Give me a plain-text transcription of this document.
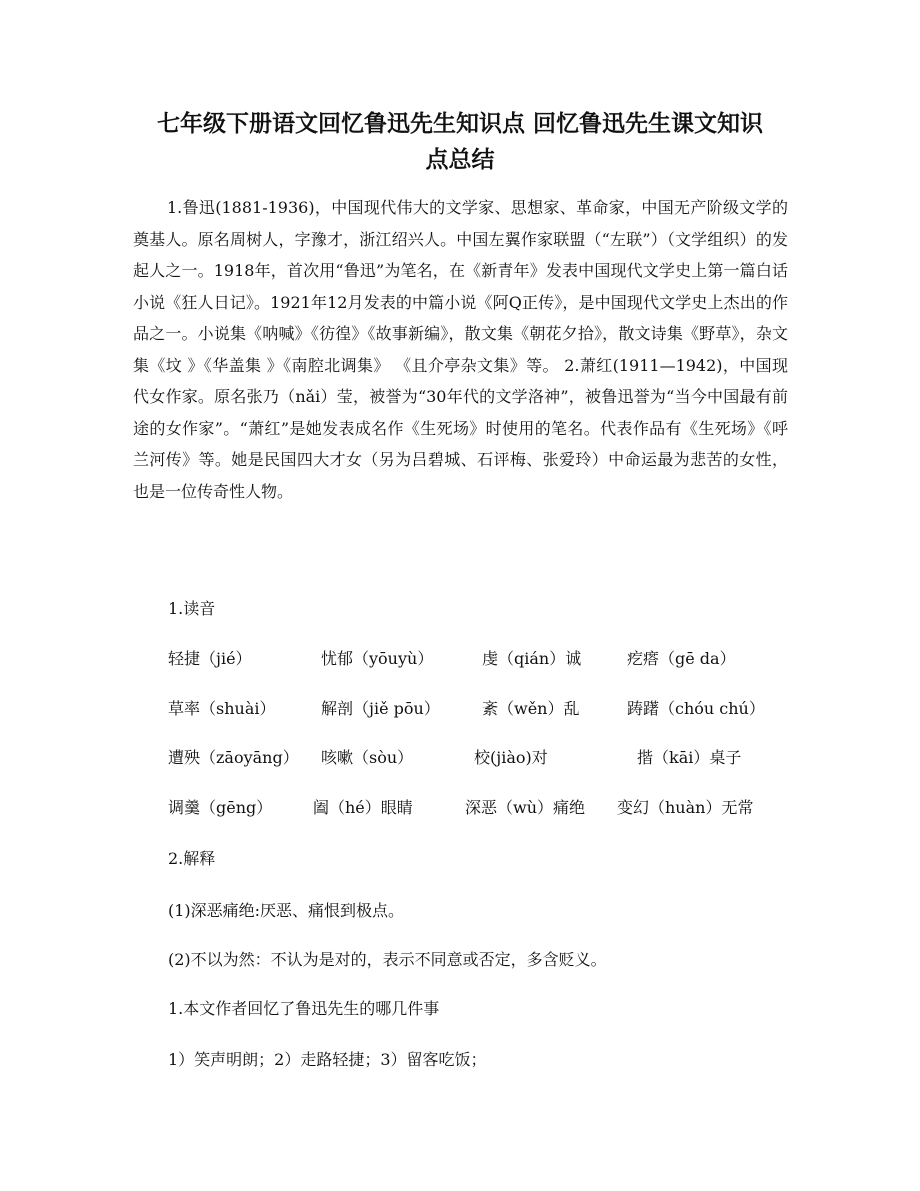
七年级下册语文回忆鲁迅先生知识点 回忆鲁迅先生课文知识
点总结

1.鲁迅(1881-1936)，中国现代伟大的文学家、思想家、革命家，中国无产阶级文学的奠基人。原名周树人，字豫才，浙江绍兴人。中国左翼作家联盟（“左联”）（文学组织）的发起人之一。1918年，首次用“鲁迅”为笔名，在《新青年》发表中国现代文学史上第一篇白话小说《狂人日记》。1921年12月发表的中篇小说《阿Q正传》，是中国现代文学史上杰出的作品之一。小说集《呐喊》《彷徨》《故事新编》，散文集《朝花夕拾》，散文诗集《野草》，杂文集《坟 》《华盖集 》《南腔北调集》 《且介亭杂文集》等。 2.萧红(1911—1942)，中国现代女作家。原名张乃（nǎi）莹，被誉为“30年代的文学洛神”，被鲁迅誉为“当今中国最有前途的女作家”。“萧红”是她发表成名作《生死场》时使用的笔名。代表作品有《生死场》《呼兰河传》等。她是民国四大才女（另为吕碧城、石评梅、张爱玲）中命运最为悲苦的女性，也是一位传奇性人物。

1.读音

轻捷（jié）	忧郁（yōuyù）	虔（qián）诚	疙瘩（gē da）
草率（shuài）	解剖（jiě pōu）	紊（wěn）乱	踌躇（chóu chú）
遭殃（zāoyāng） 咳嗽（sòu）	校(jiào)对	揩（kāi）桌子
调羹（gēng）	阖（hé）眼睛	深恶（wù）痛绝 变幻（huàn）无常

2.解释

(1)深恶痛绝:厌恶、痛恨到极点。

(2)不以为然：不认为是对的，表示不同意或否定，多含贬义。

1.本文作者回忆了鲁迅先生的哪几件事

1）笑声明朗；2）走路轻捷；3）留客吃饭；
